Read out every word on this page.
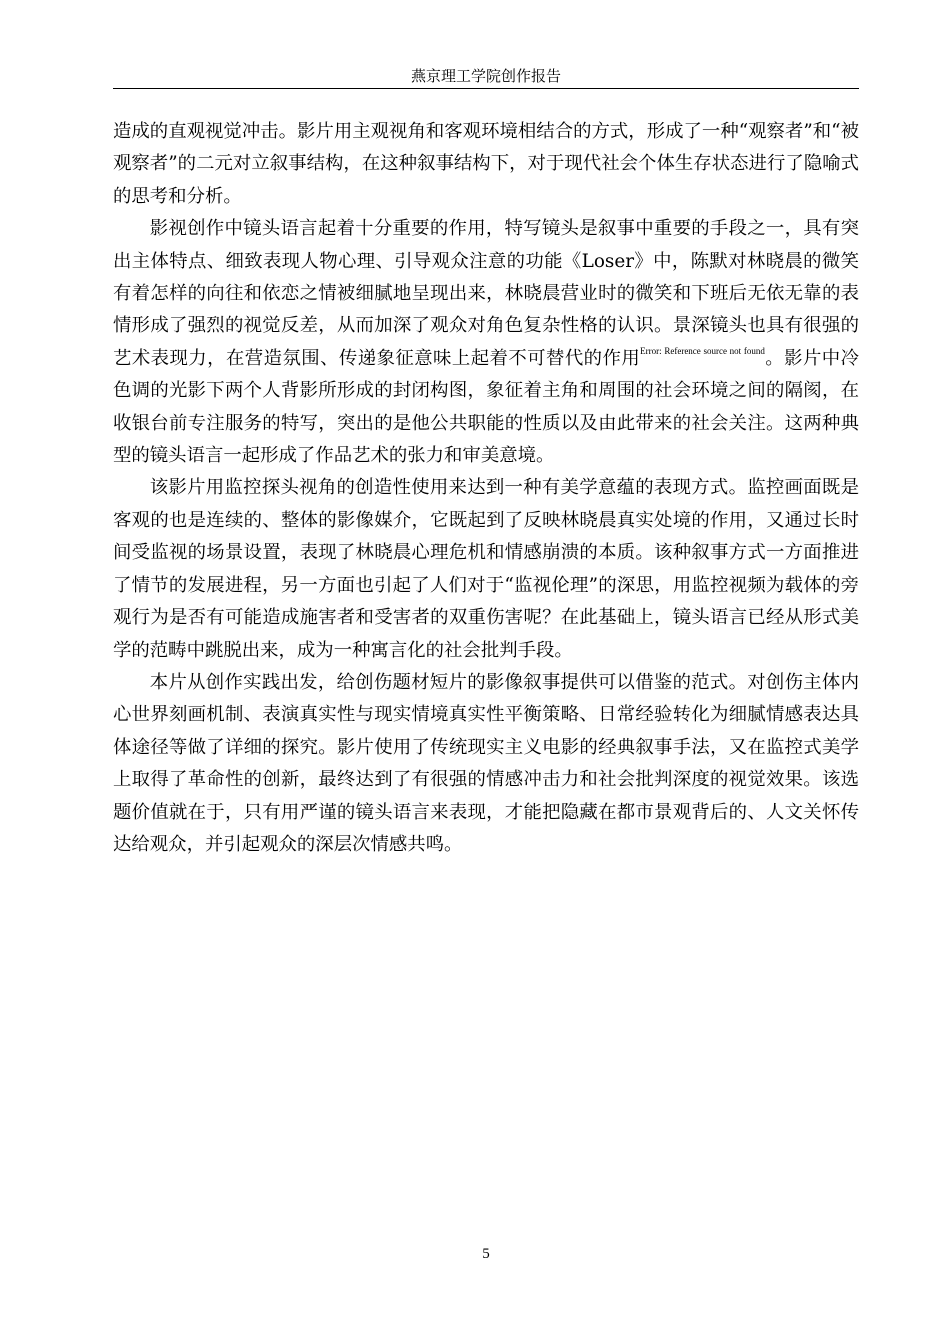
燕京理工学院创作报告

造成的直观视觉冲击。影片用主观视角和客观环境相结合的方式，形成了一种“观察者”和“被观察者”的二元对立叙事结构，在这种叙事结构下，对于现代社会个体生存状态进行了隐喻式的思考和分析。

影视创作中镜头语言起着十分重要的作用，特写镜头是叙事中重要的手段之一，具有突出主体特点、细致表现人物心理、引导观众注意的功能《Loser》中，陈默对林晓晨的微笑有着怎样的向往和依恋之情被细腻地呈现出来，林晓晨营业时的微笑和下班后无依无靠的表情形成了强烈的视觉反差，从而加深了观众对角色复杂性格的认识。景深镜头也具有很强的艺术表现力，在营造氛围、传递象征意味上起着不可替代的作用$^{Error: Reference source not found}$。影片中冷色调的光影下两个人背影所形成的封闭构图，象征着主角和周围的社会环境之间的隔阂，在收银台前专注服务的特写，突出的是他公共职能的性质以及由此带来的社会关注。这两种典型的镜头语言一起形成了作品艺术的张力和审美意境。

该影片用监控探头视角的创造性使用来达到一种有美学意蕴的表现方式。监控画面既是客观的也是连续的、整体的影像媒介，它既起到了反映林晓晨真实处境的作用，又通过长时间受监视的场景设置，表现了林晓晨心理危机和情感崩溃的本质。该种叙事方式一方面推进了情节的发展进程，另一方面也引起了人们对于“监视伦理”的深思，用监控视频为载体的旁观行为是否有可能造成施害者和受害者的双重伤害呢？在此基础上，镜头语言已经从形式美学的范畴中跳脱出来，成为一种寓言化的社会批判手段。

本片从创作实践出发，给创伤题材短片的影像叙事提供可以借鉴的范式。对创伤主体内心世界刻画机制、表演真实性与现实情境真实性平衡策略、日常经验转化为细腻情感表达具体途径等做了详细的探究。影片使用了传统现实主义电影的经典叙事手法，又在监控式美学上取得了革命性的创新，最终达到了有很强的情感冲击力和社会批判深度的视觉效果。该选题价值就在于，只有用严谨的镜头语言来表现，才能把隐藏在都市景观背后的、人文关怀传达给观众，并引起观众的深层次情感共鸣。

5
